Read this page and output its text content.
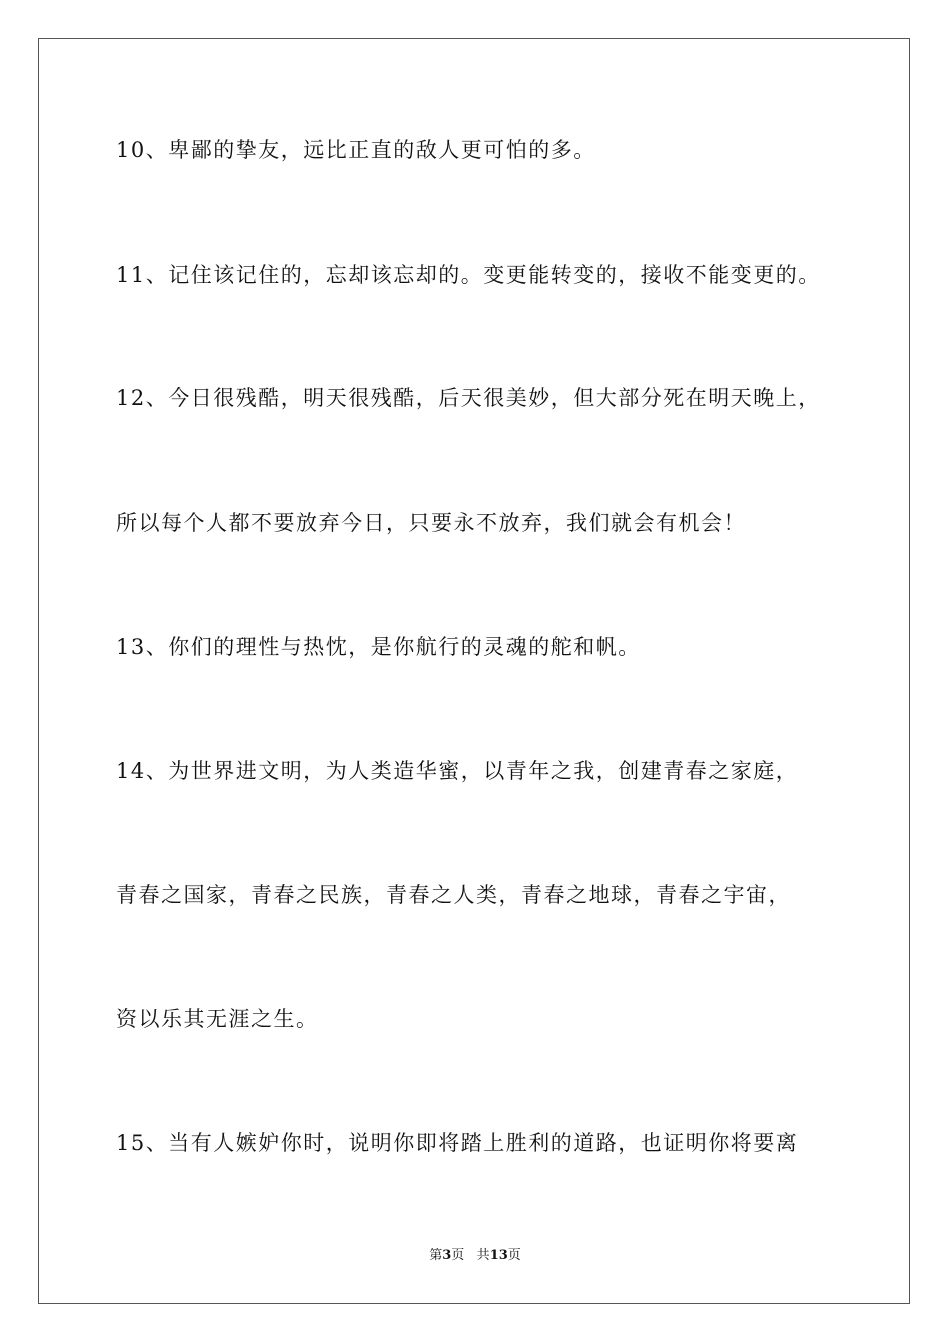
10、卑鄙的挚友，远比正直的敌人更可怕的多。
11、记住该记住的，忘却该忘却的。变更能转变的，接收不能变更的。
12、今日很残酷，明天很残酷，后天很美妙，但大部分死在明天晚上，
所以每个人都不要放弃今日，只要永不放弃，我们就会有机会！
13、你们的理性与热忱，是你航行的灵魂的舵和帆。
14、为世界进文明，为人类造华蜜，以青年之我，创建青春之家庭，
青春之国家，青春之民族，青春之人类，青春之地球，青春之宇宙，
资以乐其无涯之生。
15、当有人嫉妒你时，说明你即将踏上胜利的道路，也证明你将要离
第3页 共13页
